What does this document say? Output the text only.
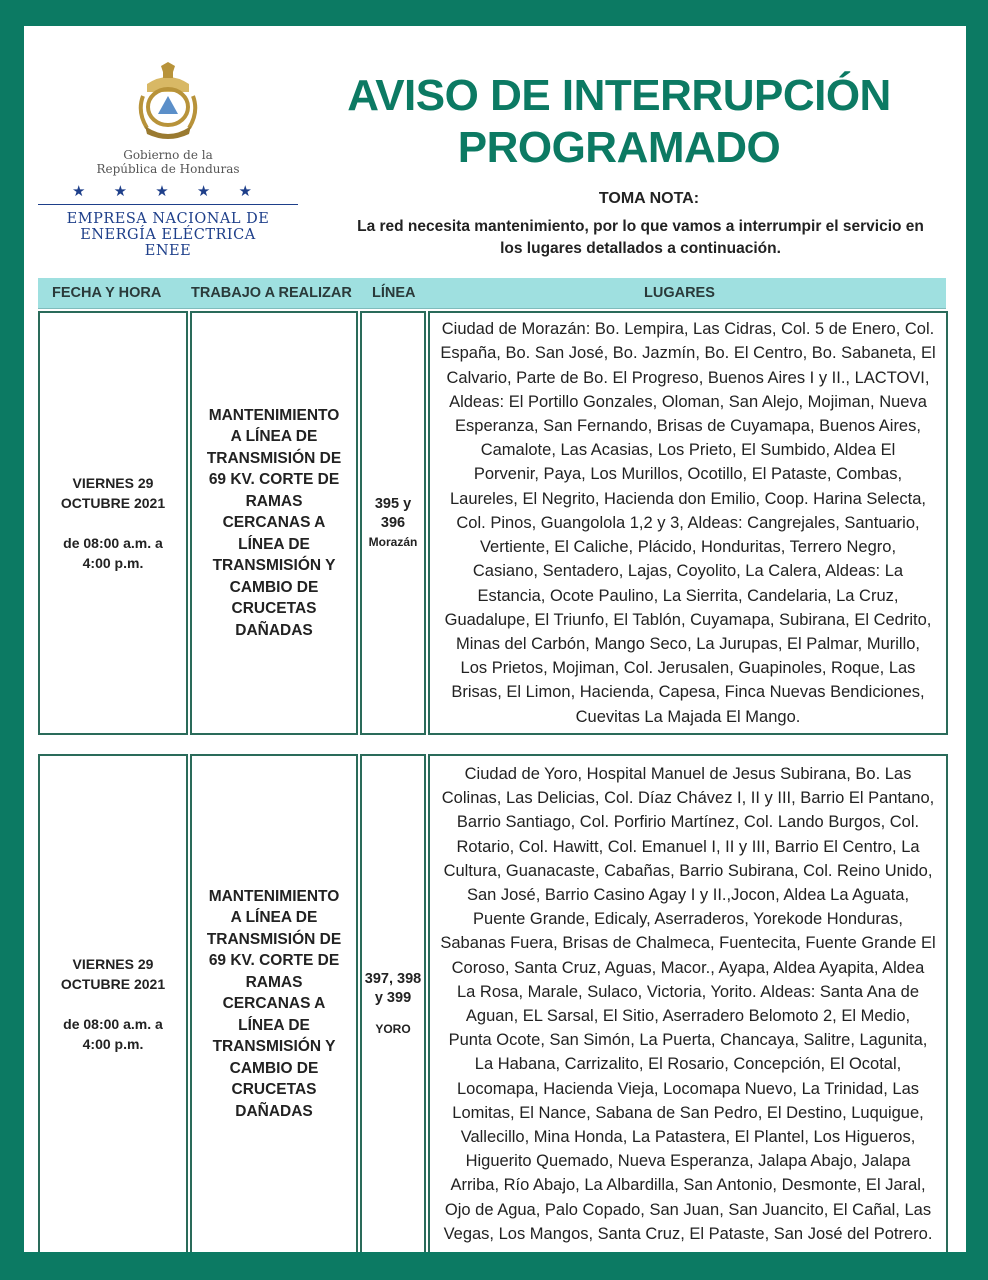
Gobierno de la
República de Honduras
★ ★ ★ ★ ★
EMPRESA NACIONAL DE
ENERGÍA ELÉCTRICA
ENEE
AVISO DE INTERRUPCIÓN
PROGRAMADO
TOMA NOTA:
La red necesita mantenimiento, por lo que vamos a interrumpir el servicio en
los lugares detallados a continuación.
FECHA Y HORA TRABAJO A REALIZAR LÍNEA	LUGARES
VIERNES 29
OCTUBRE 2021
de 08:00 a.m. a
4:00 p.m.
MANTENIMIENTO
A LÍNEA DE
TRANSMISIÓN DE
69 KV. CORTE DE
RAMAS
CERCANAS A
LÍNEA DE
TRANSMISIÓN Y
CAMBIO DE
CRUCETAS
DAÑADAS
395 y
396
Morazán
Ciudad de Morazán: Bo. Lempira, Las Cidras, Col. 5 de Enero, Col.
España, Bo. San José, Bo. Jazmín, Bo. El Centro, Bo. Sabaneta, El
Calvario, Parte de Bo. El Progreso, Buenos Aires I y II., LACTOVI,
Aldeas: El Portillo Gonzales, Oloman, San Alejo, Mojiman, Nueva
Esperanza, San Fernando, Brisas de Cuyamapa, Buenos Aires,
Camalote, Las Acasias, Los Prieto, El Sumbido, Aldea El
Porvenir, Paya, Los Murillos, Ocotillo, El Pataste, Combas,
Laureles, El Negrito, Hacienda don Emilio, Coop. Harina Selecta,
Col. Pinos, Guangololа 1,2 y 3, Aldeas: Cangrejales, Santuario,
Vertiente, El Caliche, Plácido, Honduritas, Terrero Negro,
Casiano, Sentadero, Lajas, Coyolito, La Calera, Aldeas: La
Estancia, Ocote Paulino, La Sierrita, Candelaria, La Cruz,
Guadalupe, El Triunfo, El Tablón, Cuyamapa, Subirana, El Cedrito,
Minas del Carbón, Mango Seco, La Jurupas, El Palmar, Murillo,
Los Prietos, Mojiman, Col. Jerusalen, Guapinoles, Roque, Las
Brisas, El Limon, Hacienda, Capesa, Finca Nuevas Bendiciones,
Cuevitas La Majada El Mango.
VIERNES 29
OCTUBRE 2021
de 08:00 a.m. a
4:00 p.m.
MANTENIMIENTO
A LÍNEA DE
TRANSMISIÓN DE
69 KV. CORTE DE
RAMAS
CERCANAS A
LÍNEA DE
TRANSMISIÓN Y
CAMBIO DE
CRUCETAS
DAÑADAS
397, 398
y 399
YORO
Ciudad de Yoro, Hospital Manuel de Jesus Subirana, Bo. Las
Colinas, Las Delicias, Col. Díaz Chávez I, II y III, Barrio El Pantano,
Barrio Santiago, Col. Porfirio Martínez, Col. Lando Burgos, Col.
Rotario, Col. Hawitt, Col. Emanuel I, II y III, Barrio El Centro, La
Cultura, Guanacaste, Cabañas, Barrio Subirana, Col. Reino Unido,
San José, Barrio Casino Agay I y II.,Jocon, Aldea La Aguata,
Puente Grande, Edicaly, Aserraderos, Yorekode Honduras,
Sabanas Fuera, Brisas de Chalmeca, Fuentecita, Fuente Grande El
Coroso, Santa Cruz, Aguas, Macor., Ayapa, Aldea Ayapita, Aldea
La Rosa, Marale, Sulaco, Victoria, Yorito. Aldeas: Santa Ana de
Aguan, EL Sarsal, El Sitio, Aserradero Belomoto 2, El Medio,
Punta Ocote, San Simón, La Puerta, Chancaya, Salitre, Lagunita,
La Habana, Carrizalito, El Rosario, Concepción, El Ocotal,
Locomapa, Hacienda Vieja, Locomapa Nuevo, La Trinidad, Las
Lomitas, El Nance, Sabana de San Pedro, El Destino, Luquigue,
Vallecillo, Mina Honda, La Patastera, El Plantel, Los Higueros,
Higuerito Quemado, Nueva Esperanza, Jalapa Abajo, Jalapa
Arriba, Río Abajo, La Albardilla, San Antonio, Desmonte, El Jaral,
Ojo de Agua, Palo Copado, San Juan, San Juancito, El Cañal, Las
Vegas, Los Mangos, Santa Cruz, El Pataste, San José del Potrero.
